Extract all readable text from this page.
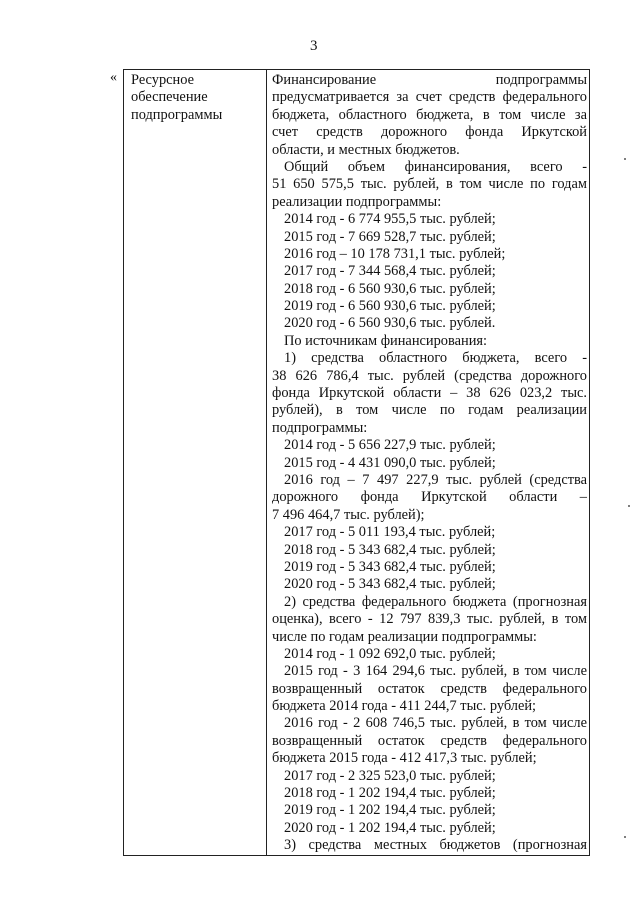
3
« Ресурсное
обеспечение
подпрограммы
Финансирование подпрограммы
предусматривается за счет средств федерального
бюджета, областного бюджета, в том числе за
счет средств дорожного фонда Иркутской
области, и местных бюджетов.
Общий объем финансирования, всего -
51 650 575,5 тыс. рублей, в том числе по годам
реализации подпрограммы:
2014 год - 6 774 955,5 тыс. рублей;
2015 год - 7 669 528,7 тыс. рублей;
2016 год – 10 178 731,1 тыс. рублей;
2017 год - 7 344 568,4 тыс. рублей;
2018 год - 6 560 930,6 тыс. рублей;
2019 год - 6 560 930,6 тыс. рублей;
2020 год - 6 560 930,6 тыс. рублей.
По источникам финансирования:
1) средства областного бюджета, всего -
38 626 786,4 тыс. рублей (средства дорожного
фонда Иркутской области – 38 626 023,2 тыс.
рублей), в том числе по годам реализации
подпрограммы:
2014 год - 5 656 227,9 тыс. рублей;
2015 год - 4 431 090,0 тыс. рублей;
2016 год – 7 497 227,9 тыс. рублей (средства
дорожного фонда Иркутской области –
7 496 464,7 тыс. рублей);
2017 год - 5 011 193,4 тыс. рублей;
2018 год - 5 343 682,4 тыс. рублей;
2019 год - 5 343 682,4 тыс. рублей;
2020 год - 5 343 682,4 тыс. рублей;
2) средства федерального бюджета (прогнозная
оценка), всего - 12 797 839,3 тыс. рублей, в том
числе по годам реализации подпрограммы:
2014 год - 1 092 692,0 тыс. рублей;
2015 год - 3 164 294,6 тыс. рублей, в том числе
возвращенный остаток средств федерального
бюджета 2014 года - 411 244,7 тыс. рублей;
2016 год - 2 608 746,5 тыс. рублей, в том числе
возвращенный остаток средств федерального
бюджета 2015 года - 412 417,3 тыс. рублей;
2017 год - 2 325 523,0 тыс. рублей;
2018 год - 1 202 194,4 тыс. рублей;
2019 год - 1 202 194,4 тыс. рублей;
2020 год - 1 202 194,4 тыс. рублей;
3) средства местных бюджетов (прогнозная
